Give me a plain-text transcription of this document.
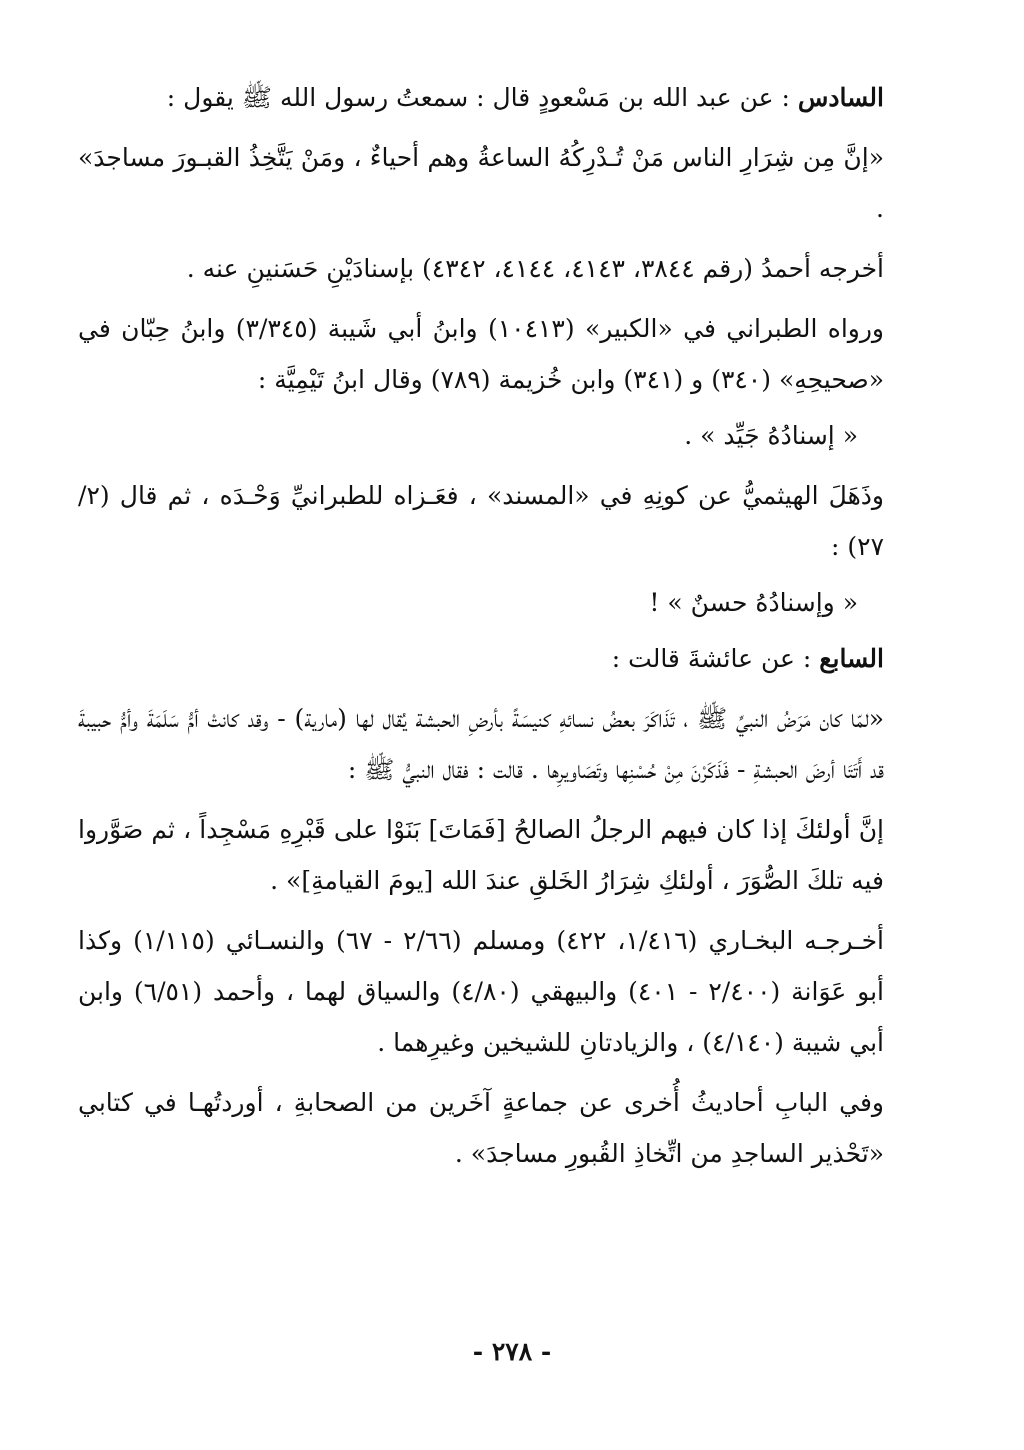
السادس : عن عبد الله بن مَسْعودٍ قال : سمعتُ رسول الله ﷺ يقول :

«إنَّ مِن شِرَارِ الناس مَنْ تُـدْرِكُهُ الساعةُ وهم أحياءٌ ، ومَنْ يَتَّخِذُ القبـورَ مساجدَ» .

أخرجه أحمدُ (رقم ٣٨٤٤، ٤١٤٣، ٤١٤٤، ٤٣٤٢) بإسنادَيْنِ حَسَنينِ عنه .

ورواه الطبراني في «الكبير» (١٠٤١٣) وابنُ أبي شَيبة (٣/٣٤٥) وابنُ حِبّان في «صحيحِهِ» (٣٤٠) و (٣٤١) وابن خُزيمة (٧٨٩) وقال ابنُ تَيْمِيَّة :

« إسنادُهُ جَيِّد » .

وذَهَلَ الهيثميُّ عن كونِهِ في «المسند» ، فعَـزاه للطبرانيِّ وَحْـدَه ، ثم قال (٢/ ٢٧) :

« وإسنادُهُ حسنٌ » !

السابع : عن عائشةَ قالت :

«لمّا كان مَرَضُ النبيِّ ﷺ ، تَذَاكَرَ بعضُ نسائهِ كنيسَةً بأرضِ الحبشة يُقال لها (مارية) - وقد كانتْ أمُّ سَلَمَةَ وأمُّ حبيبةَ قد أَتَتَا أرضَ الحبشةِ - فَذَكَرْنَ مِنْ حُسْنِها وتَصَاويرِها . قالت : فقال النبيُّ ﷺ :

إنَّ أولئكَ إذا كان فيهم الرجلُ الصالحُ [فَمَاتَ] بَنَوْا على قَبْرِهِ مَسْجِداً ، ثم صَوَّروا فيه تلكَ الصُّوَرَ ، أولئكِ شِرَارُ الخَلقِ عندَ الله [يومَ القيامةِ]» .

أخـرجـه البخـاري (١/٤١٦، ٤٢٢) ومسلم (٢/٦٦ - ٦٧) والنسـائي (١/١١٥) وكذا أبو عَوَانة (٢/٤٠٠ - ٤٠١) والبيهقي (٤/٨٠) والسياق لهما ، وأحمد (٦/٥١) وابن أبي شيبة (٤/١٤٠) ، والزيادتانِ للشيخين وغيرِهما .

وفي البابِ أحاديثُ أُخرى عن جماعةٍ آخَرين من الصحابةِ ، أوردتُهـا في كتابي «تَحْذير الساجدِ من اتِّخاذِ القُبورِ مساجدَ» .

- ٢٧٨ -
